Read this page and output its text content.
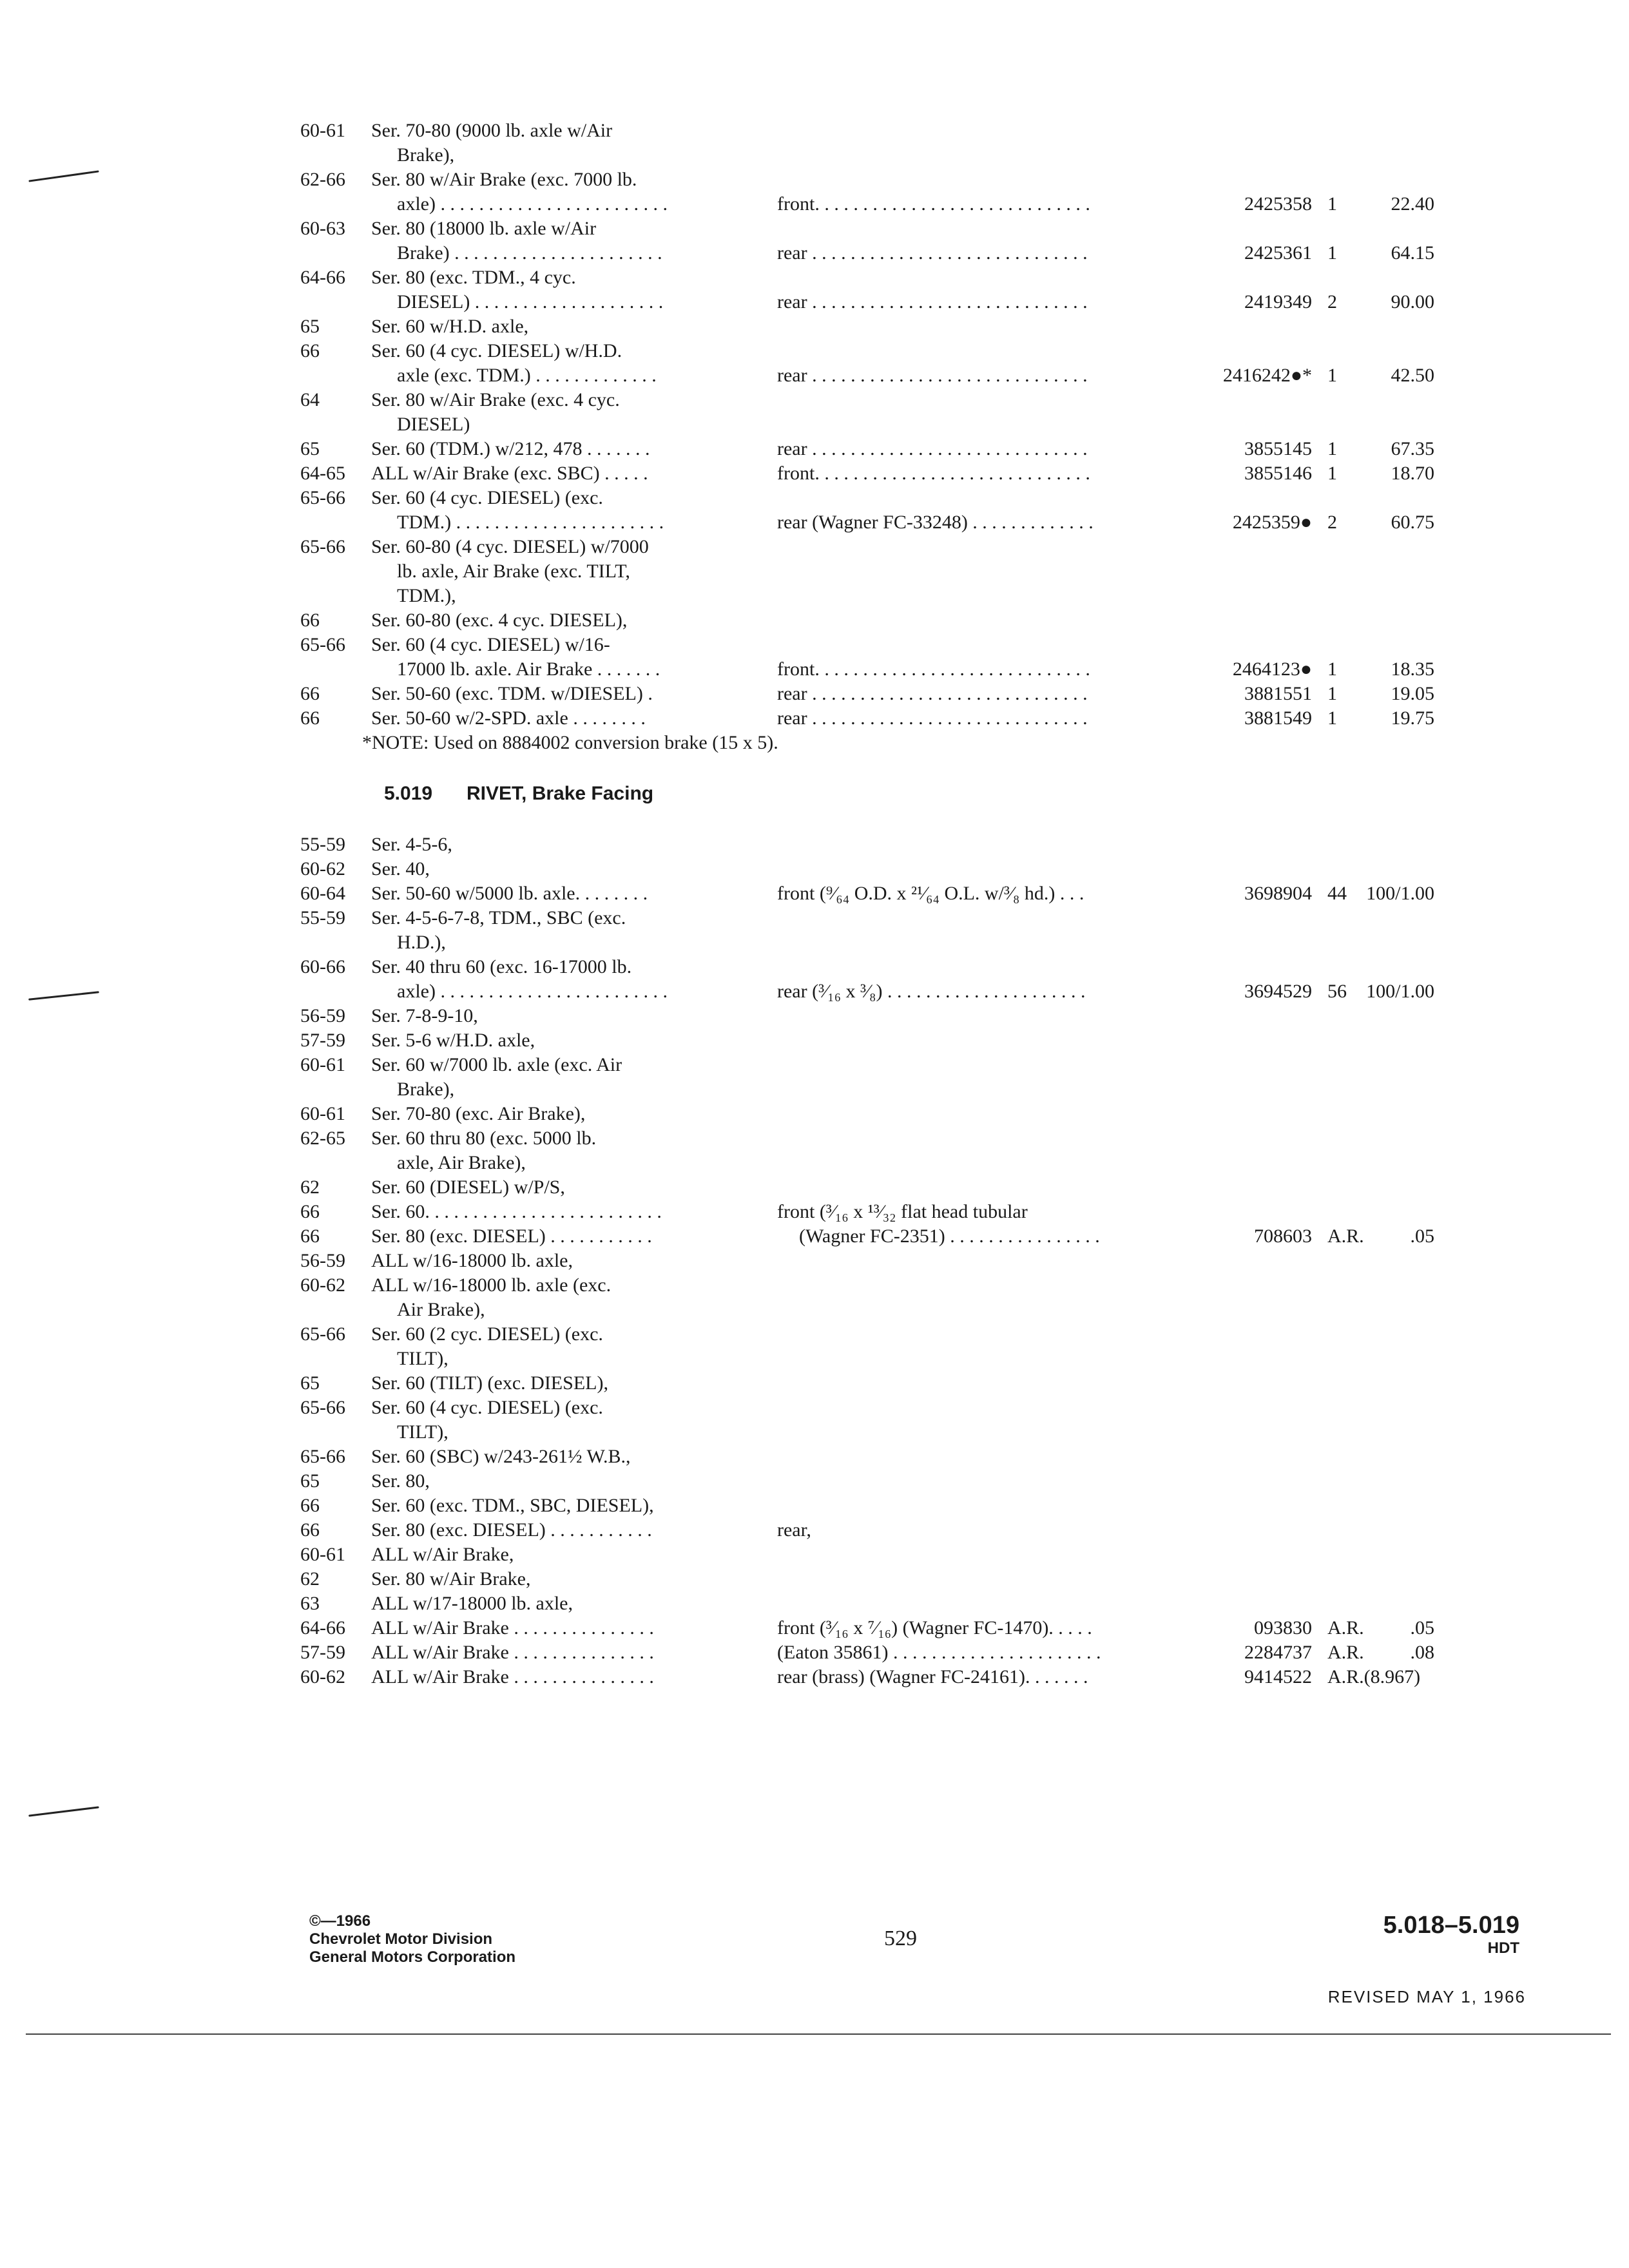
60-61	Ser. 70-80 (9000 lb. axle w/Air
Brake),
62-66	Ser. 80 w/Air Brake (exc. 7000 lb.
axle) . . . . . . . . . . . . . . . . . . . . . . . .	front. . . . . . . . . . . . . . . . . . . . . . . . . . . . .	2425358 1	22.40
60-63	Ser. 80 (18000 lb. axle w/Air
Brake) . . . . . . . . . . . . . . . . . . . . . .	rear . . . . . . . . . . . . . . . . . . . . . . . . . . . . .	2425361 1	64.15
64-66	Ser. 80 (exc. TDM., 4 cyc.
DIESEL) . . . . . . . . . . . . . . . . . . . .	rear . . . . . . . . . . . . . . . . . . . . . . . . . . . . .	2419349 2	90.00
65	Ser. 60 w/H.D. axle,
66	Ser. 60 (4 cyc. DIESEL) w/H.D.
axle (exc. TDM.) . . . . . . . . . . . . .	rear . . . . . . . . . . . . . . . . . . . . . . . . . . . . .	2416242●* 1	42.50
64	Ser. 80 w/Air Brake (exc. 4 cyc.
DIESEL)
65	Ser. 60 (TDM.) w/212, 478 . . . . . . .	rear . . . . . . . . . . . . . . . . . . . . . . . . . . . . .	3855145 1	67.35
64-65	ALL w/Air Brake (exc. SBC) . . . . .	front. . . . . . . . . . . . . . . . . . . . . . . . . . . . .	3855146 1	18.70
65-66	Ser. 60 (4 cyc. DIESEL) (exc.
TDM.) . . . . . . . . . . . . . . . . . . . . . .	rear (Wagner FC-33248) . . . . . . . . . . . . .	2425359● 2	60.75
65-66	Ser. 60-80 (4 cyc. DIESEL) w/7000
lb. axle, Air Brake (exc. TILT,
TDM.),
66	Ser. 60-80 (exc. 4 cyc. DIESEL),
65-66	Ser. 60 (4 cyc. DIESEL) w/16-
17000 lb. axle. Air Brake . . . . . . .	front. . . . . . . . . . . . . . . . . . . . . . . . . . . . .	2464123● 1	18.35
66	Ser. 50-60 (exc. TDM. w/DIESEL) .	rear . . . . . . . . . . . . . . . . . . . . . . . . . . . . .	3881551 1	19.05
66	Ser. 50-60 w/2-SPD. axle . . . . . . . .	rear . . . . . . . . . . . . . . . . . . . . . . . . . . . . .	3881549 1	19.75
*NOTE: Used on 8884002 conversion brake (15 x 5).
5.019	RIVET, Brake Facing
55-59	Ser. 4-5-6,
60-62	Ser. 40,
60-64	Ser. 50-60 w/5000 lb. axle. . . . . . . .	front (⁹⁄₆₄ O.D. x ²¹⁄₆₄ O.L. w/³⁄₈ hd.) . . .	3698904 44	100/1.00
55-59	Ser. 4-5-6-7-8, TDM., SBC (exc.
H.D.),
60-66	Ser. 40 thru 60 (exc. 16-17000 lb.
axle) . . . . . . . . . . . . . . . . . . . . . . . .	rear (³⁄₁₆ x ³⁄₈) . . . . . . . . . . . . . . . . . . . . .	3694529 56	100/1.00
56-59	Ser. 7-8-9-10,
57-59	Ser. 5-6 w/H.D. axle,
60-61	Ser. 60 w/7000 lb. axle (exc. Air
Brake),
60-61	Ser. 70-80 (exc. Air Brake),
62-65	Ser. 60 thru 80 (exc. 5000 lb.
axle, Air Brake),
62	Ser. 60 (DIESEL) w/P/S,
66	Ser. 60. . . . . . . . . . . . . . . . . . . . . . . . .	front (³⁄₁₆ x ¹³⁄₃₂ flat head tubular
66	Ser. 80 (exc. DIESEL) . . . . . . . . . . .	(Wagner FC-2351) . . . . . . . . . . . . . . . .	708603 A.R.	.05
56-59	ALL w/16-18000 lb. axle,
60-62	ALL w/16-18000 lb. axle (exc.
Air Brake),
65-66	Ser. 60 (2 cyc. DIESEL) (exc.
TILT),
65	Ser. 60 (TILT) (exc. DIESEL),
65-66	Ser. 60 (4 cyc. DIESEL) (exc.
TILT),
65-66	Ser. 60 (SBC) w/243-261½ W.B.,
65	Ser. 80,
66	Ser. 60 (exc. TDM., SBC, DIESEL),
66	Ser. 80 (exc. DIESEL) . . . . . . . . . . .	rear,
60-61	ALL w/Air Brake,
62	Ser. 80 w/Air Brake,
63	ALL w/17-18000 lb. axle,
64-66	ALL w/Air Brake . . . . . . . . . . . . . . .	front (³⁄₁₆ x ⁷⁄₁₆) (Wagner FC-1470). . . . .	093830 A.R.	.05
57-59	ALL w/Air Brake . . . . . . . . . . . . . . .	(Eaton 35861) . . . . . . . . . . . . . . . . . . . . . .	2284737 A.R.	.08
60-62	ALL w/Air Brake . . . . . . . . . . . . . . .	rear (brass) (Wagner FC-24161). . . . . . .	9414522 A.R.(8.967)
©—1966
Chevrolet Motor Division
General Motors Corporation
529	5.018–5.019
HDT
REVISED MAY 1, 1966
